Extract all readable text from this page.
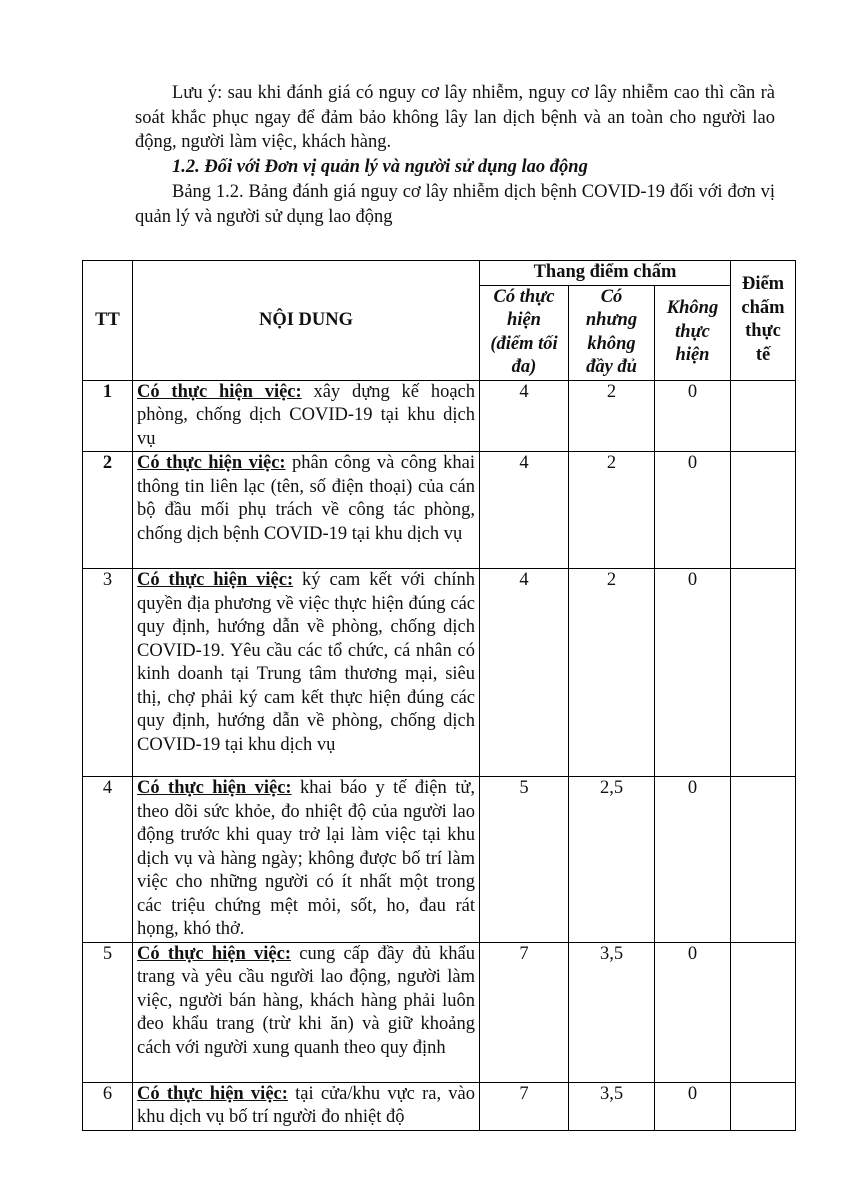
Lưu ý: sau khi đánh giá có nguy cơ lây nhiễm, nguy cơ lây nhiễm cao thì cần rà soát khắc phục ngay để đảm bảo không lây lan dịch bệnh và an toàn cho người lao động, người làm việc, khách hàng.
1.2. Đối với Đơn vị quản lý và người sử dụng lao động
Bảng 1.2. Bảng đánh giá nguy cơ lây nhiễm dịch bệnh COVID-19 đối với đơn vị quản lý và người sử dụng lao động
TT	NỘI DUNG	Thang điểm chấm			Điểm chấm thực tế
		Có thực hiện (điểm tối đa)	Có nhưng không đầy đủ	Không thực hiện	
1	Có thực hiện việc: xây dựng kế hoạch phòng, chống dịch COVID-19 tại khu dịch vụ	4	2	0	
2	Có thực hiện việc: phân công và công khai thông tin liên lạc (tên, số điện thoại) của cán bộ đầu mối phụ trách về công tác phòng, chống dịch bệnh COVID-19 tại khu dịch vụ	4	2	0	
3	Có thực hiện việc: ký cam kết với chính quyền địa phương về việc thực hiện đúng các quy định, hướng dẫn về phòng, chống dịch COVID-19. Yêu cầu các tổ chức, cá nhân có kinh doanh tại Trung tâm thương mại, siêu thị, chợ phải ký cam kết thực hiện đúng các quy định, hướng dẫn về phòng, chống dịch COVID-19 tại khu dịch vụ	4	2	0	
4	Có thực hiện việc: khai báo y tế điện tử, theo dõi sức khỏe, đo nhiệt độ của người lao động trước khi quay trở lại làm việc tại khu dịch vụ và hàng ngày; không được bố trí làm việc cho những người có ít nhất một trong các triệu chứng mệt mỏi, sốt, ho, đau rát họng, khó thở.	5	2,5	0	
5	Có thực hiện việc: cung cấp đầy đủ khẩu trang và yêu cầu người lao động, người làm việc, người bán hàng, khách hàng phải luôn đeo khẩu trang (trừ khi ăn) và giữ khoảng cách với người xung quanh theo quy định	7	3,5	0	
6	Có thực hiện việc: tại cửa/khu vực ra, vào khu dịch vụ bố trí người đo nhiệt độ	7	3,5	0	
